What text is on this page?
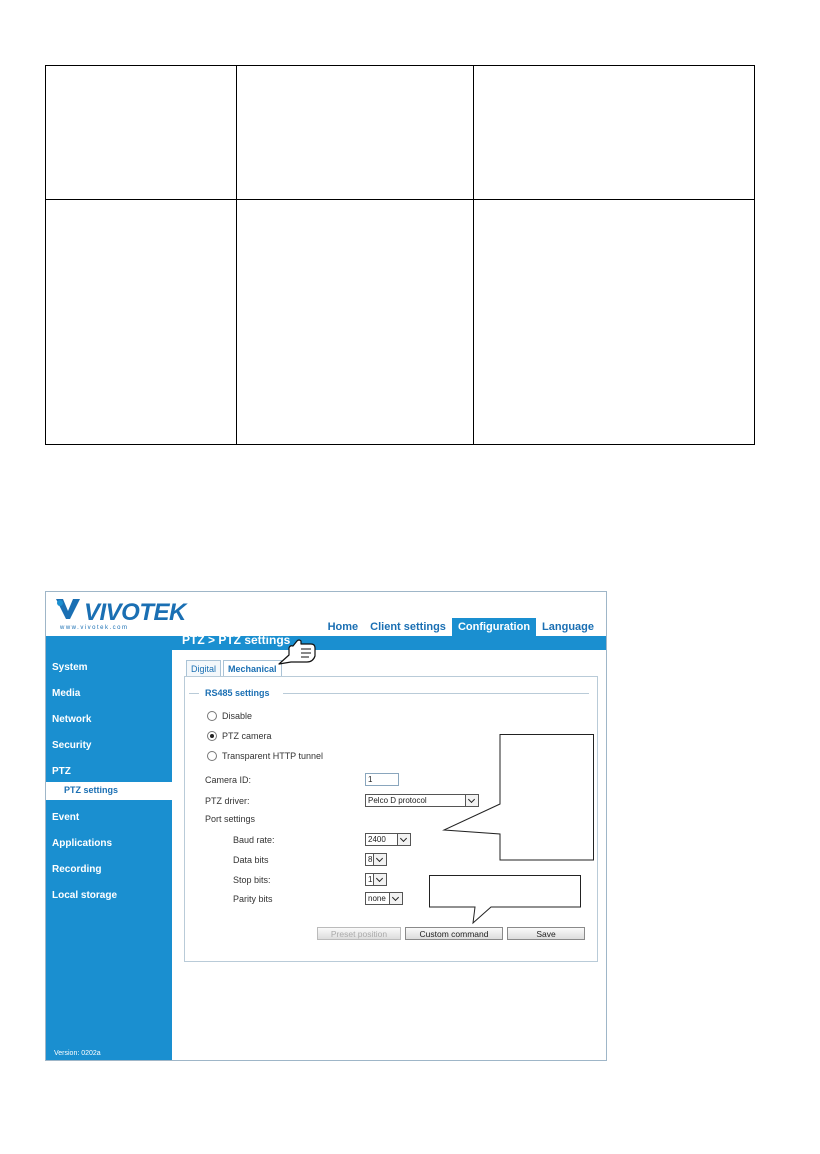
VIVOTEK
www.vivotek.com	Home	Client settings	Configuration	Language
System
Media
Network
Security
PTZ
PTZ settings
Event
Applications
Recording
Local storage
Version: 0202a
PTZ > PTZ settings
Digital	Mechanical
RS485 settings
Disable
PTZ camera
Transparent HTTP tunnel
Camera ID:	1
PTZ driver:	Pelco D protocol
Port settings
Baud rate:	2400
Data bits	8
Stop bits:	1
Parity bits	none
Preset position	Custom command	Save
